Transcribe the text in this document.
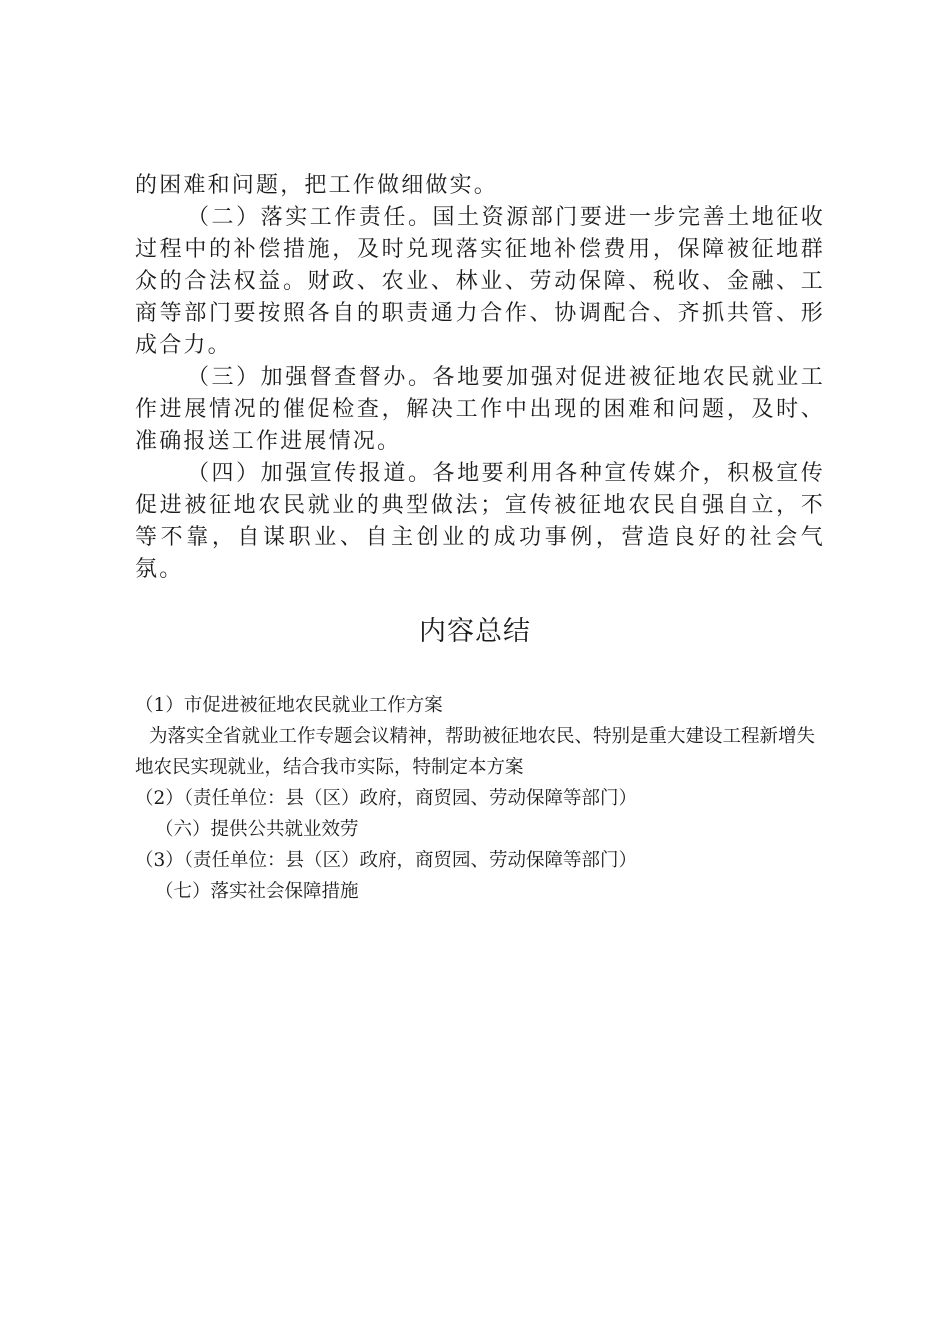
的困难和问题，把工作做细做实。

（二）落实工作责任。国土资源部门要进一步完善土地征收过程中的补偿措施，及时兑现落实征地补偿费用，保障被征地群众的合法权益。财政、农业、林业、劳动保障、税收、金融、工商等部门要按照各自的职责通力合作、协调配合、齐抓共管、形成合力。

（三）加强督查督办。各地要加强对促进被征地农民就业工作进展情况的催促检查，解决工作中出现的困难和问题，及时、准确报送工作进展情况。

（四）加强宣传报道。各地要利用各种宣传媒介，积极宣传促进被征地农民就业的典型做法；宣传被征地农民自强自立，不等不靠，自谋职业、自主创业的成功事例，营造良好的社会气氛。

内容总结

（1）市促进被征地农民就业工作方案

为落实全省就业工作专题会议精神，帮助被征地农民、特别是重大建设工程新增失地农民实现就业，结合我市实际，特制定本方案

（2）（责任单位：县（区）政府，商贸园、劳动保障等部门）

（六）提供公共就业效劳

（3）（责任单位：县（区）政府，商贸园、劳动保障等部门）

（七）落实社会保障措施
